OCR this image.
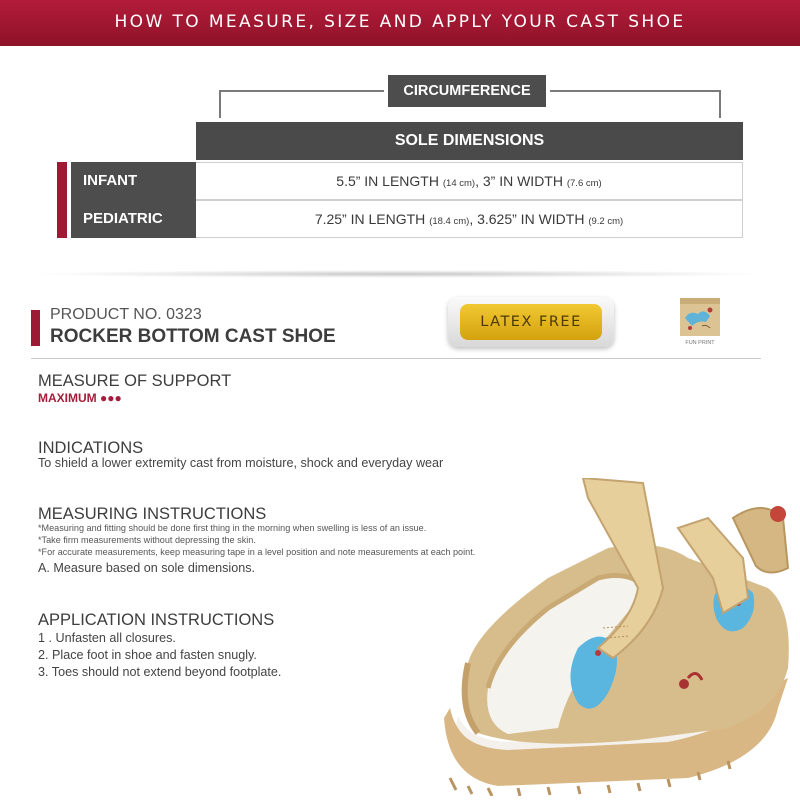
HOW TO MEASURE, SIZE AND APPLY YOUR CAST SHOE
CIRCUMFERENCE
SOLE DIMENSIONS
INFANT	5.5” IN LENGTH (14 cm), 3” IN WIDTH (7.6 cm)
PEDIATRIC	7.25” IN LENGTH (18.4 cm), 3.625” IN WIDTH (9.2 cm)
PRODUCT NO. 0323
ROCKER BOTTOM CAST SHOE
LATEX FREE
FUN PRINT
MEASURE OF SUPPORT
MAXIMUM ●●●
INDICATIONS
To shield a lower extremity cast from moisture, shock and everyday wear
MEASURING INSTRUCTIONS
*Measuring and fitting should be done first thing in the morning when swelling is less of an issue.
*Take firm measurements without depressing the skin.
*For accurate measurements, keep measuring tape in a level position and note measurements at each point.
A. Measure based on sole dimensions.
APPLICATION INSTRUCTIONS
1 . Unfasten all closures.
2. Place foot in shoe and fasten snugly.
3. Toes should not extend beyond footplate.
